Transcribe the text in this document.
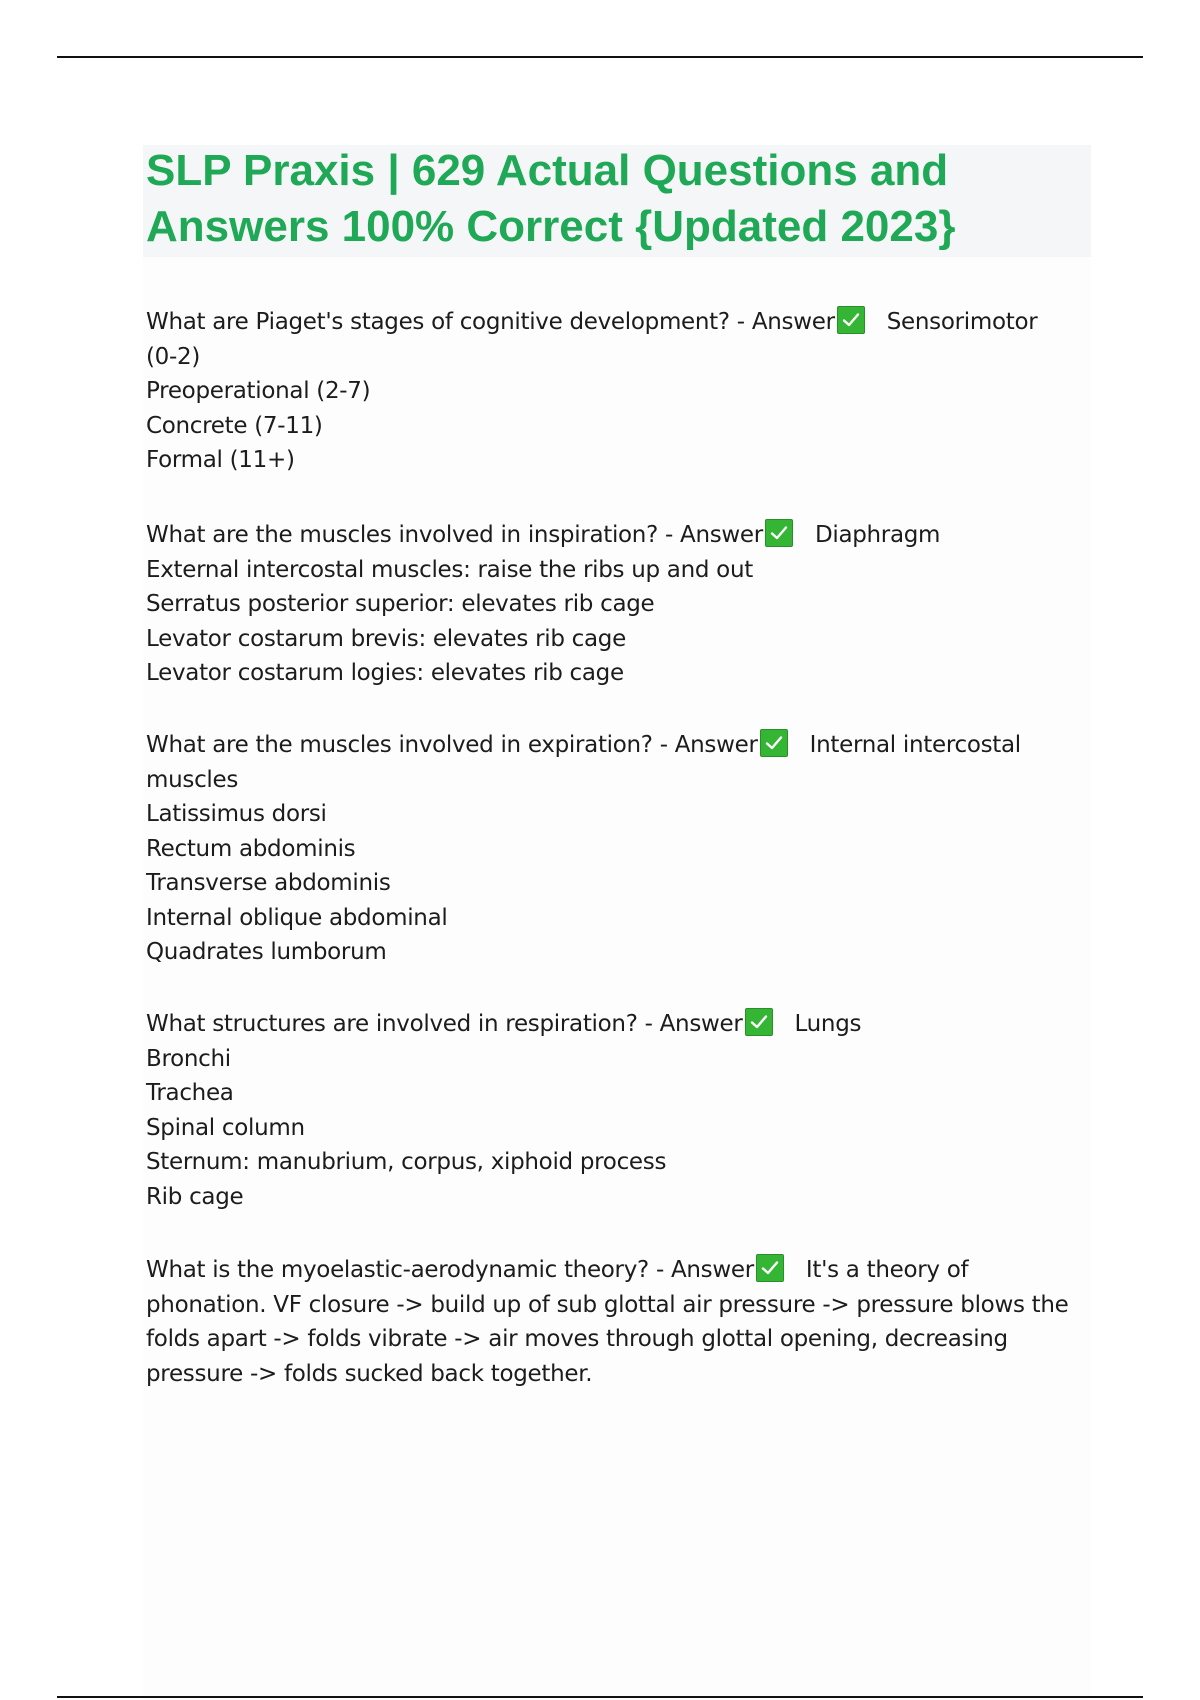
SLP Praxis | 629 Actual Questions and Answers 100% Correct {Updated 2023}
What are Piaget's stages of cognitive development? - Answer Sensorimotor
(0-2)
Preoperational (2-7)
Concrete (7-11)
Formal (11+)
What are the muscles involved in inspiration? - Answer Diaphragm
External intercostal muscles: raise the ribs up and out
Serratus posterior superior: elevates rib cage
Levator costarum brevis: elevates rib cage
Levator costarum logies: elevates rib cage
What are the muscles involved in expiration? - Answer Internal intercostal
muscles
Latissimus dorsi
Rectum abdominis
Transverse abdominis
Internal oblique abdominal
Quadrates lumborum
What structures are involved in respiration? - Answer Lungs
Bronchi
Trachea
Spinal column
Sternum: manubrium, corpus, xiphoid process
Rib cage
What is the myoelastic-aerodynamic theory? - Answer It's a theory of
phonation. VF closure -> build up of sub glottal air pressure -> pressure blows the
folds apart -> folds vibrate -> air moves through glottal opening, decreasing
pressure -> folds sucked back together.
